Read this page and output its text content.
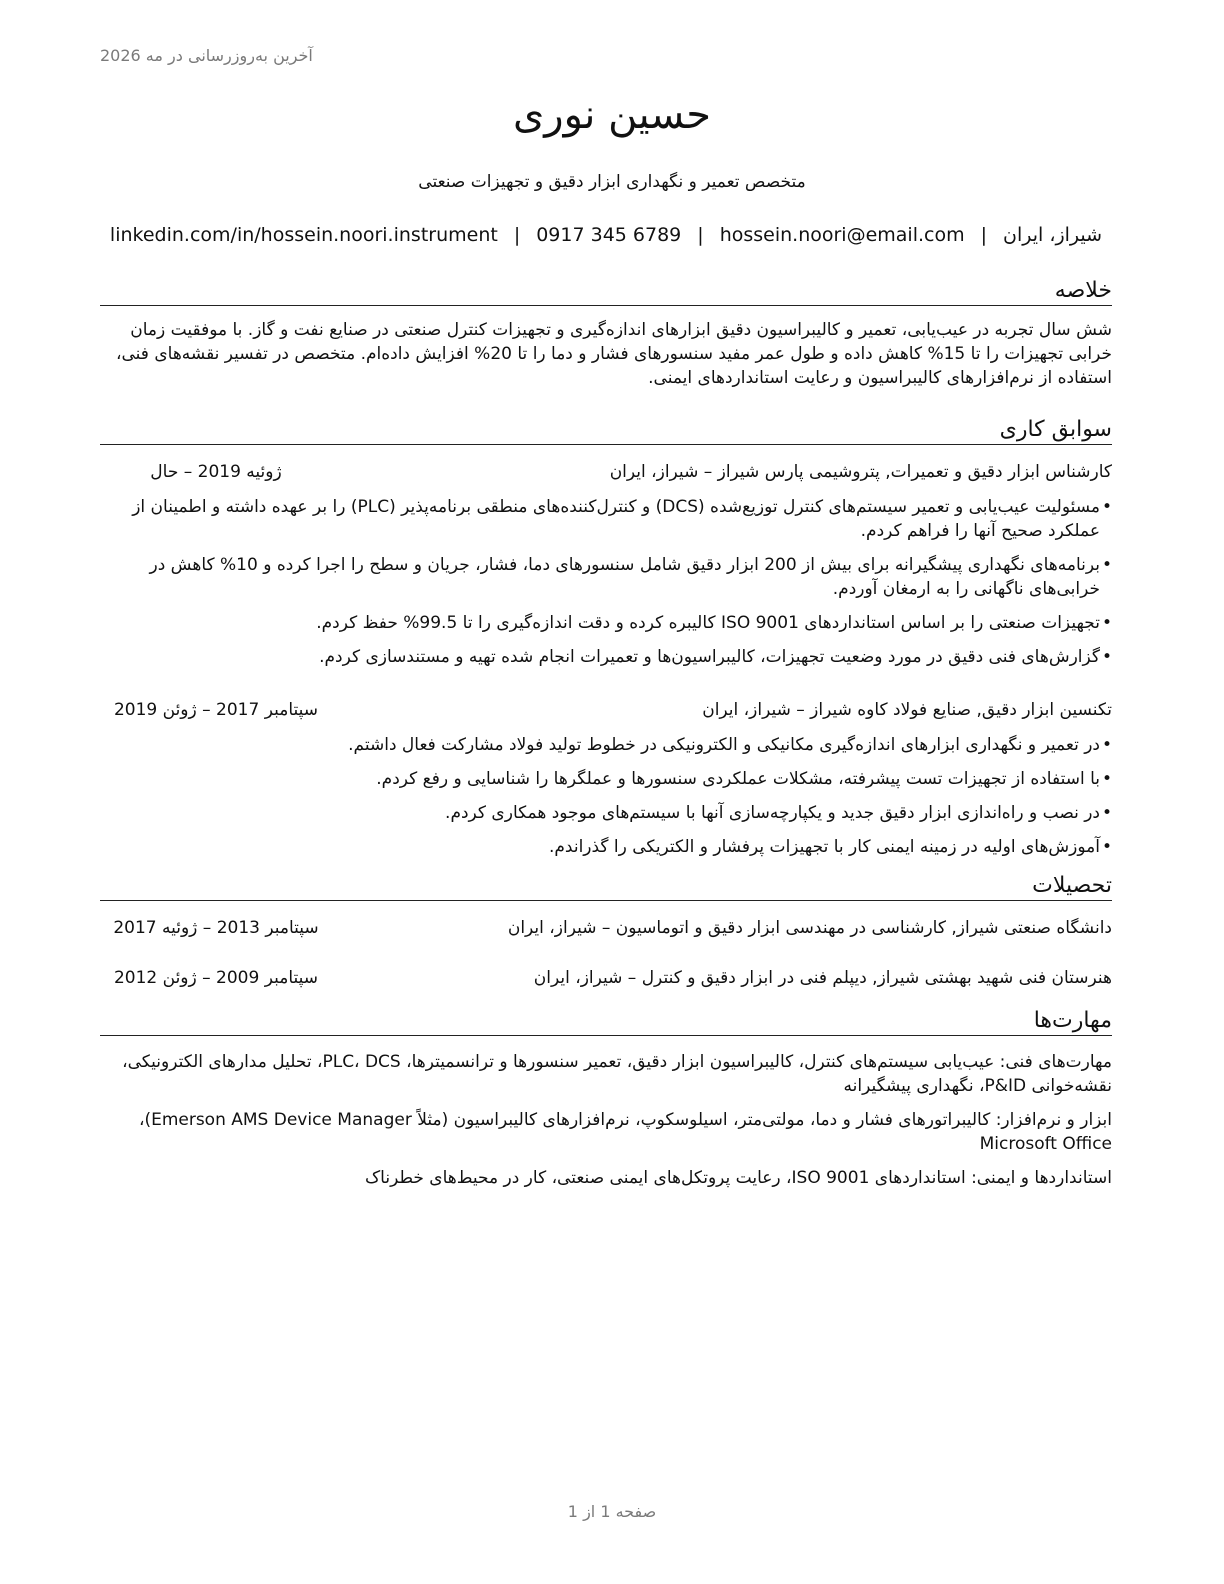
آخرین به‌روزرسانی در مه 2026
حسین نوری
متخصص تعمیر و نگهداری ابزار دقیق و تجهیزات صنعتی
شیراز، ایران|hossein.noori@email.com|0917 345 6789|linkedin.com/in/hossein.noori.instrument
خلاصه
شش سال تجربه در عیب‌یابی، تعمیر و کالیبراسیون دقیق ابزارهای اندازه‌گیری و تجهیزات کنترل صنعتی در صنایع نفت و گاز. با موفقیت زمان خرابی تجهیزات را تا 15% کاهش داده و طول عمر مفید سنسورهای فشار و دما را تا 20% افزایش داده‌ام. متخصص در تفسیر نقشه‌های فنی، استفاده از نرم‌افزارهای کالیبراسیون و رعایت استانداردهای ایمنی.
سوابق کاری
کارشناس ابزار دقیق و تعمیرات, پتروشیمی پارس شیراز – شیراز، ایران
ژوئیه 2019 – حال
• مسئولیت عیب‌یابی و تعمیر سیستم‌های کنترل توزیع‌شده (DCS) و کنترل‌کننده‌های منطقی برنامه‌پذیر (PLC) را بر عهده داشته و اطمینان از عملکرد صحیح آنها را فراهم کردم.
• برنامه‌های نگهداری پیشگیرانه برای بیش از 200 ابزار دقیق شامل سنسورهای دما، فشار، جریان و سطح را اجرا کرده و 10% کاهش در خرابی‌های ناگهانی را به ارمغان آوردم.
• تجهیزات صنعتی را بر اساس استانداردهای ISO 9001 کالیبره کرده و دقت اندازه‌گیری را تا 99.5% حفظ کردم.
• گزارش‌های فنی دقیق در مورد وضعیت تجهیزات، کالیبراسیون‌ها و تعمیرات انجام شده تهیه و مستندسازی کردم.
تکنسین ابزار دقیق, صنایع فولاد کاوه شیراز – شیراز، ایران
سپتامبر 2017 – ژوئن 2019
• در تعمیر و نگهداری ابزارهای اندازه‌گیری مکانیکی و الکترونیکی در خطوط تولید فولاد مشارکت فعال داشتم.
• با استفاده از تجهیزات تست پیشرفته، مشکلات عملکردی سنسورها و عملگرها را شناسایی و رفع کردم.
• در نصب و راه‌اندازی ابزار دقیق جدید و یکپارچه‌سازی آنها با سیستم‌های موجود همکاری کردم.
• آموزش‌های اولیه در زمینه ایمنی کار با تجهیزات پرفشار و الکتریکی را گذراندم.
تحصیلات
دانشگاه صنعتی شیراز, کارشناسی در مهندسی ابزار دقیق و اتوماسیون – شیراز، ایران
سپتامبر 2013 – ژوئیه 2017
هنرستان فنی شهید بهشتی شیراز, دیپلم فنی در ابزار دقیق و کنترل – شیراز، ایران
سپتامبر 2009 – ژوئن 2012
مهارت‌ها
مهارت‌های فنی: عیب‌یابی سیستم‌های کنترل، کالیبراسیون ابزار دقیق، تعمیر سنسورها و ترانسمیترها، PLC، DCS، تحلیل مدارهای الکترونیکی، نقشه‌خوانی P&ID، نگهداری پیشگیرانه
ابزار و نرم‌افزار: کالیبراتورهای فشار و دما، مولتی‌متر، اسیلوسکوپ، نرم‌افزارهای کالیبراسیون (مثلاً Emerson AMS Device Manager)، Microsoft Office
استانداردها و ایمنی: استانداردهای ISO 9001، رعایت پروتکل‌های ایمنی صنعتی، کار در محیط‌های خطرناک
صفحه 1 از 1
